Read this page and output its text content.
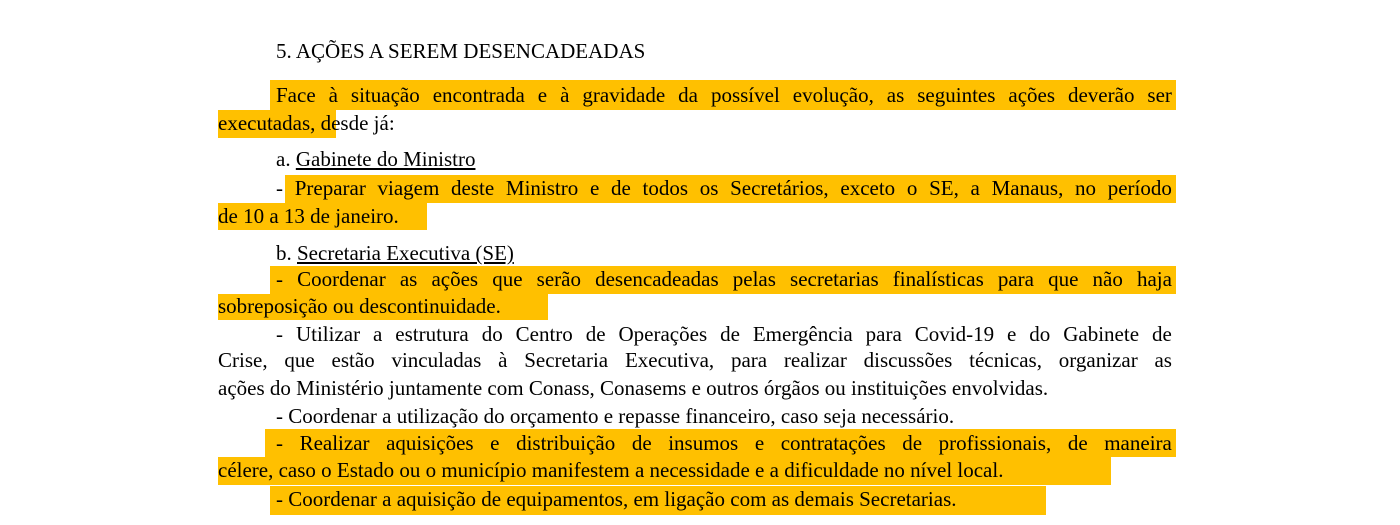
5. AÇÕES A SEREM DESENCADEADAS
Face à situação encontrada e à gravidade da possível evolução, as seguintes ações deverão ser
executadas, desde já:
a. Gabinete do Ministro
- Preparar viagem deste Ministro e de todos os Secretários, exceto o SE, a Manaus, no período
de 10 a 13 de janeiro.
b. Secretaria Executiva (SE)
- Coordenar as ações que serão desencadeadas pelas secretarias finalísticas para que não haja
sobreposição ou descontinuidade.
- Utilizar a estrutura do Centro de Operações de Emergência para Covid-19 e do Gabinete de
Crise, que estão vinculadas à Secretaria Executiva, para realizar discussões técnicas, organizar as
ações do Ministério juntamente com Conass, Conasems e outros órgãos ou instituições envolvidas.
- Coordenar a utilização do orçamento e repasse financeiro, caso seja necessário.
- Realizar aquisições e distribuição de insumos e contratações de profissionais, de maneira
célere, caso o Estado ou o município manifestem a necessidade e a dificuldade no nível local.
- Coordenar a aquisição de equipamentos, em ligação com as demais Secretarias.
